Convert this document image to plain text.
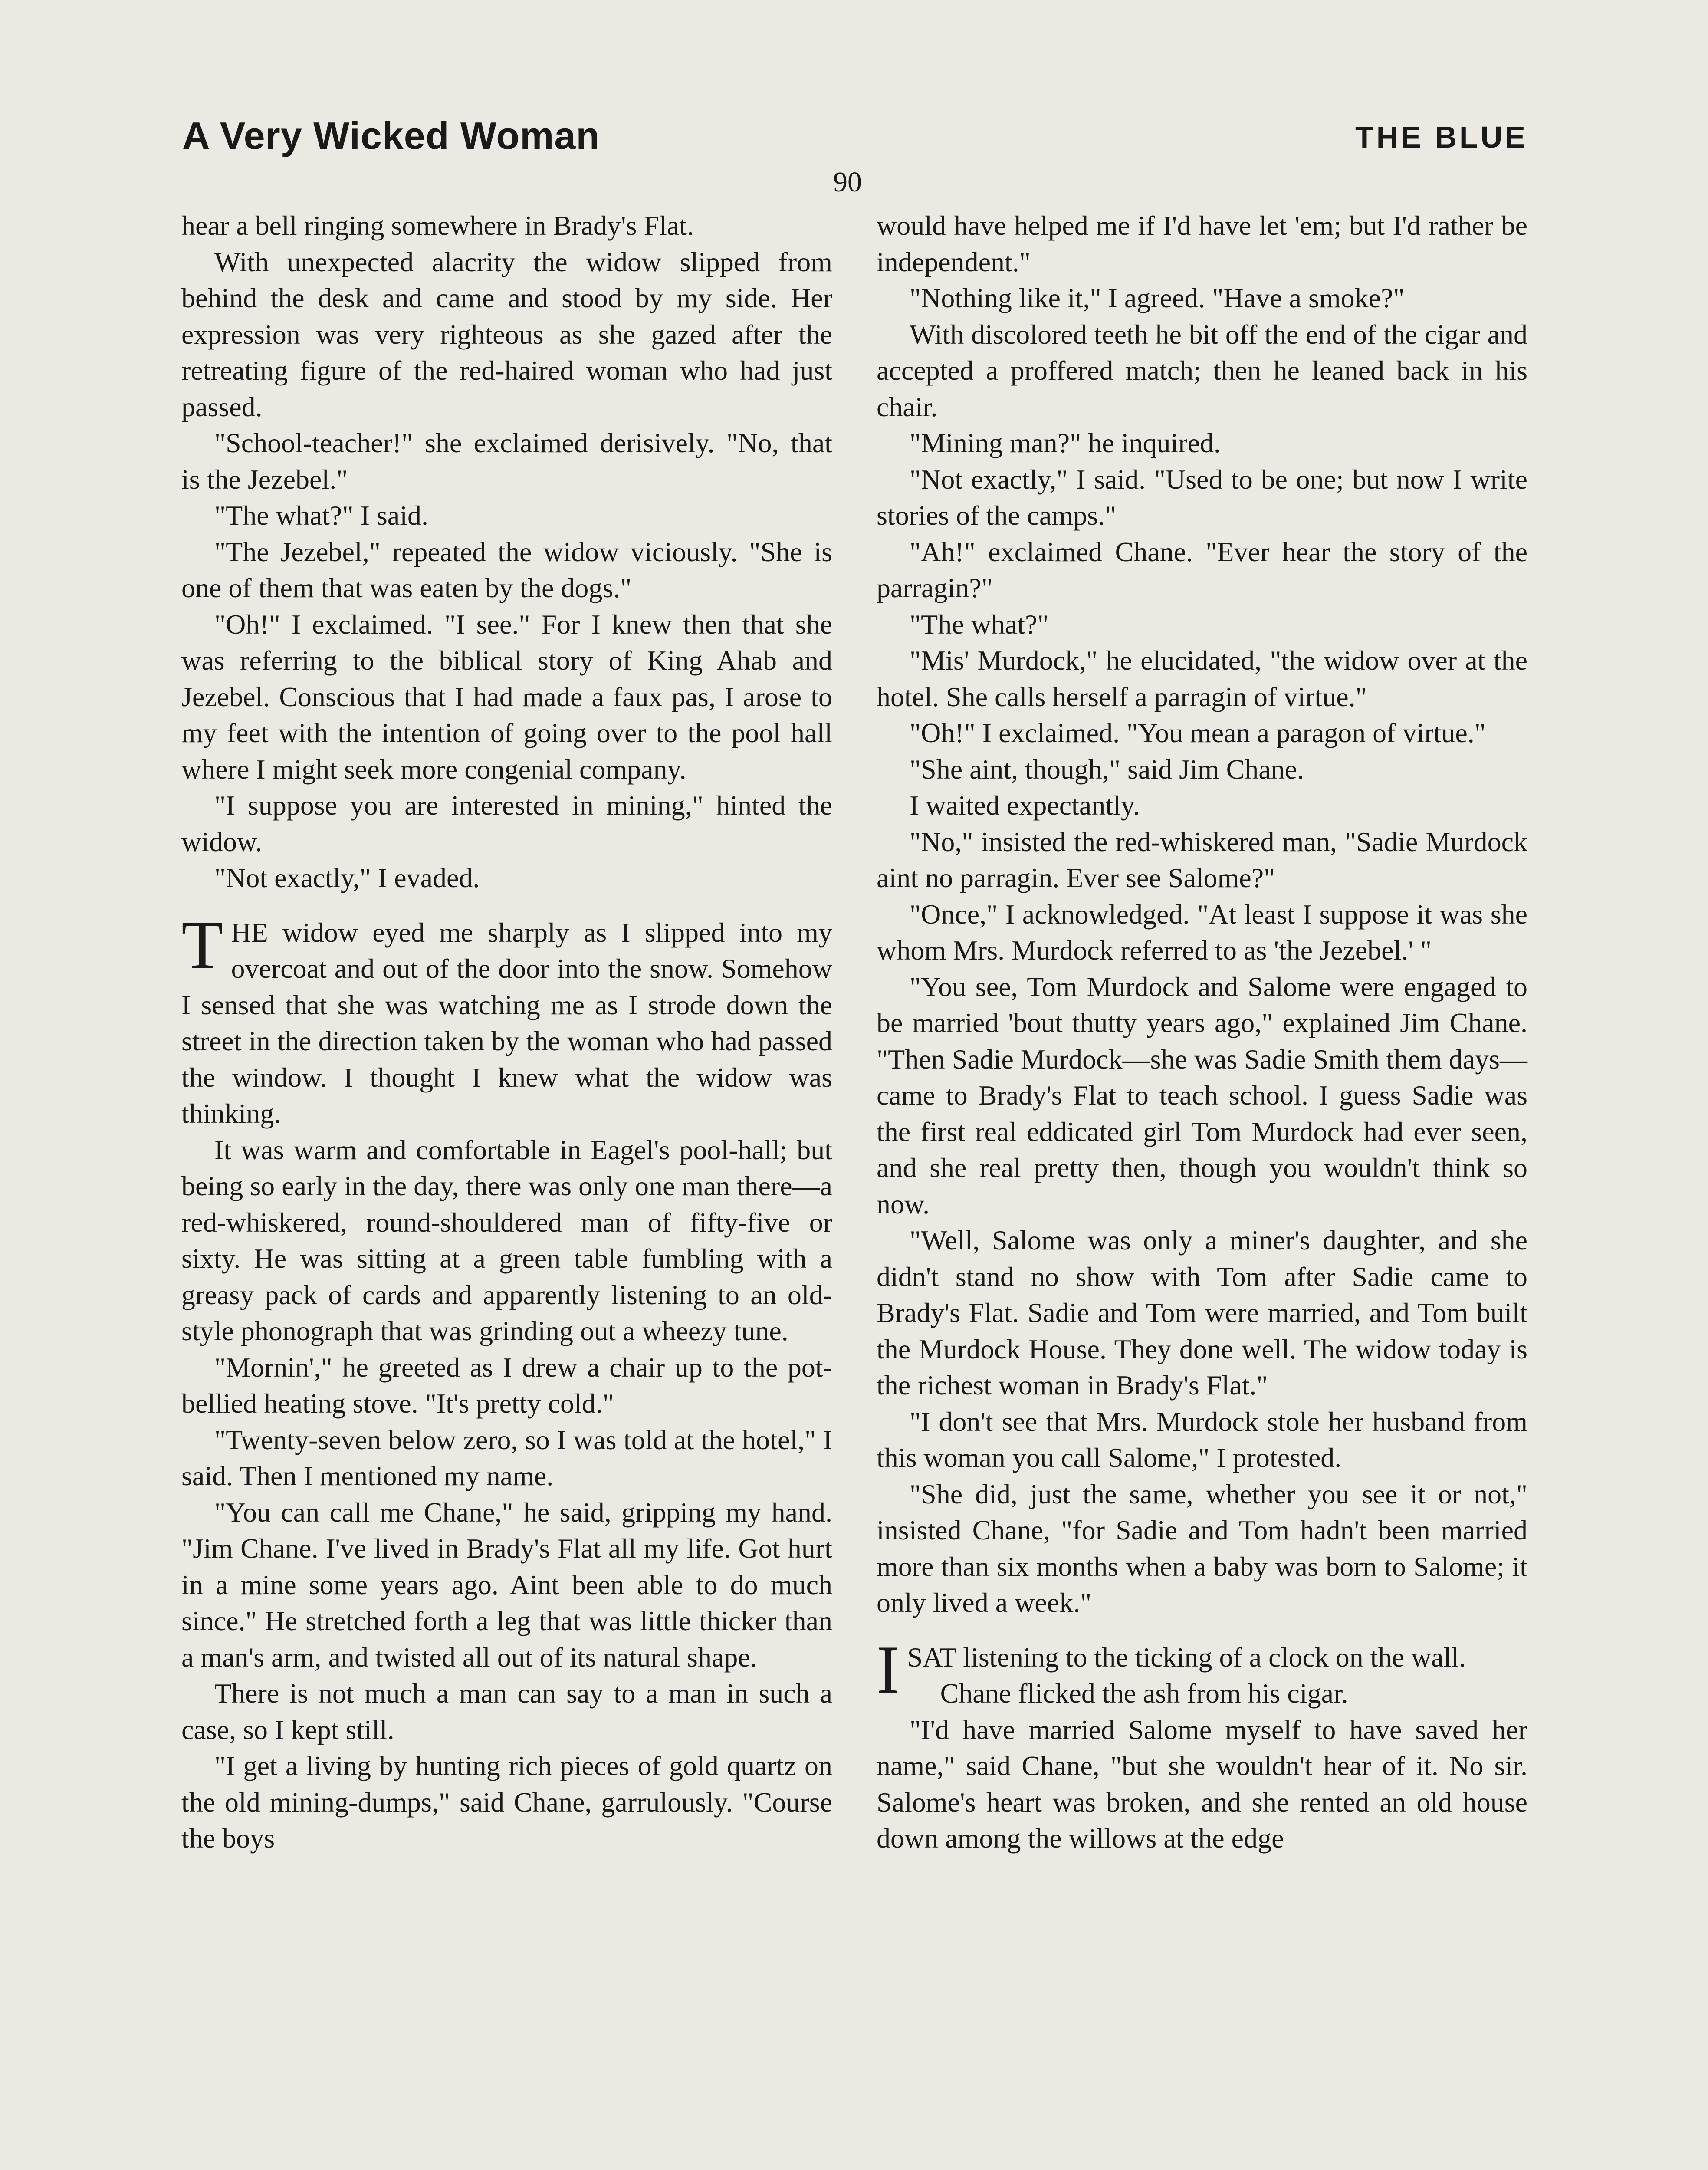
A Very Wicked Woman	THE BLUE
90

hear a bell ringing somewhere in Brady's Flat.

With unexpected alacrity the widow slipped from behind the desk and came and stood by my side. Her expression was very righteous as she gazed after the retreating figure of the red-haired woman who had just passed.

"School-teacher!" she exclaimed derisively. "No, that is the Jezebel."

"The what?" I said.

"The Jezebel," repeated the widow viciously. "She is one of them that was eaten by the dogs."

"Oh!" I exclaimed. "I see." For I knew then that she was referring to the biblical story of King Ahab and Jezebel. Conscious that I had made a faux pas, I arose to my feet with the intention of going over to the pool hall where I might seek more congenial company.

"I suppose you are interested in mining," hinted the widow.

"Not exactly," I evaded.

THE widow eyed me sharply as I slipped into my overcoat and out of the door into the snow. Somehow I sensed that she was watching me as I strode down the street in the direction taken by the woman who had passed the window. I thought I knew what the widow was thinking.

It was warm and comfortable in Eagel's pool-hall; but being so early in the day, there was only one man there—a red-whiskered, round-shouldered man of fifty-five or sixty. He was sitting at a green table fumbling with a greasy pack of cards and apparently listening to an old-style phonograph that was grinding out a wheezy tune.

"Mornin'," he greeted as I drew a chair up to the pot-bellied heating stove. "It's pretty cold."

"Twenty-seven below zero, so I was told at the hotel," I said. Then I mentioned my name.

"You can call me Chane," he said, gripping my hand. "Jim Chane. I've lived in Brady's Flat all my life. Got hurt in a mine some years ago. Aint been able to do much since." He stretched forth a leg that was little thicker than a man's arm, and twisted all out of its natural shape.

There is not much a man can say to a man in such a case, so I kept still.

"I get a living by hunting rich pieces of gold quartz on the old mining-dumps," said Chane, garrulously. "Course the boys

would have helped me if I'd have let 'em; but I'd rather be independent."

"Nothing like it," I agreed. "Have a smoke?"

With discolored teeth he bit off the end of the cigar and accepted a proffered match; then he leaned back in his chair.

"Mining man?" he inquired.

"Not exactly," I said. "Used to be one; but now I write stories of the camps."

"Ah!" exclaimed Chane. "Ever hear the story of the parragin?"

"The what?"

"Mis' Murdock," he elucidated, "the widow over at the hotel. She calls herself a parragin of virtue."

"Oh!" I exclaimed. "You mean a paragon of virtue."

"She aint, though," said Jim Chane.

I waited expectantly.

"No," insisted the red-whiskered man, "Sadie Murdock aint no parragin. Ever see Salome?"

"Once," I acknowledged. "At least I suppose it was she whom Mrs. Murdock referred to as 'the Jezebel.' "

"You see, Tom Murdock and Salome were engaged to be married 'bout thutty years ago," explained Jim Chane. "Then Sadie Murdock—she was Sadie Smith them days—came to Brady's Flat to teach school. I guess Sadie was the first real eddicated girl Tom Murdock had ever seen, and she real pretty then, though you wouldn't think so now.

"Well, Salome was only a miner's daughter, and she didn't stand no show with Tom after Sadie came to Brady's Flat. Sadie and Tom were married, and Tom built the Murdock House. They done well. The widow today is the richest woman in Brady's Flat."

"I don't see that Mrs. Murdock stole her husband from this woman you call Salome," I protested.

"She did, just the same, whether you see it or not," insisted Chane, "for Sadie and Tom hadn't been married more than six months when a baby was born to Salome; it only lived a week."

ISAT listening to the ticking of a clock on the wall.

Chane flicked the ash from his cigar.

"I'd have married Salome myself to have saved her name," said Chane, "but she wouldn't hear of it. No sir. Salome's heart was broken, and she rented an old house down among the willows at the edge
